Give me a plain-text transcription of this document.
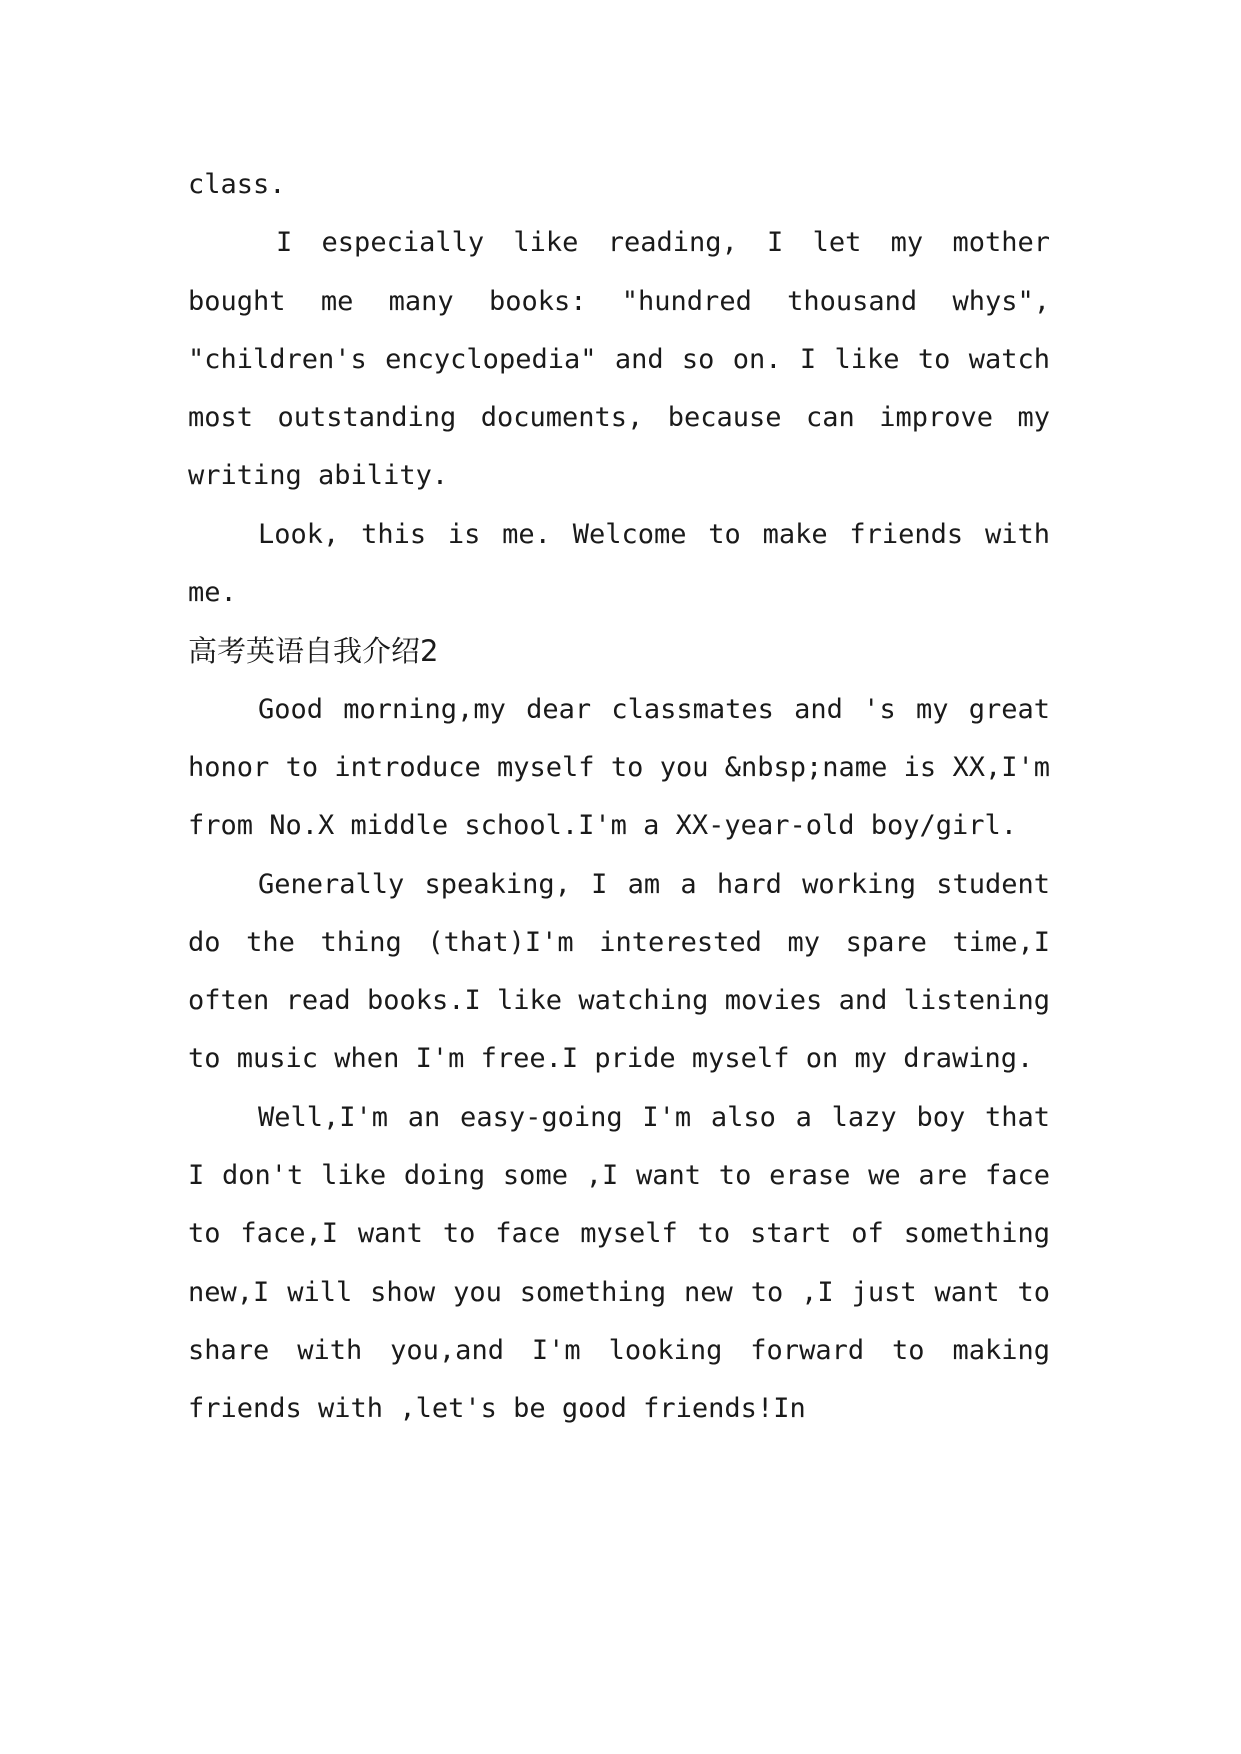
class.

I especially like reading, I let my mother bought me many books: "hundred thousand whys", "children's encyclopedia" and so on. I like to watch most outstanding documents, because can improve my writing ability.

Look, this is me. Welcome to make friends with me.

高考英语自我介绍2

Good morning,my dear classmates and 's my great honor to introduce myself to you &nbsp;name is XX,I'm from No.X middle school.I'm a XX-year-old boy/girl.

Generally speaking, I am a hard working student do the thing (that)I'm interested my spare time,I often read books.I like watching movies and listening to music when I'm free.I pride myself on my drawing.

Well,I'm an easy-going I'm also a lazy boy that I don't like doing some ,I want to erase we are face to face,I want to face myself to start of something new,I will show you something new to ,I just want to share with you,and I'm looking forward to making friends with ,let's be good friends!In
